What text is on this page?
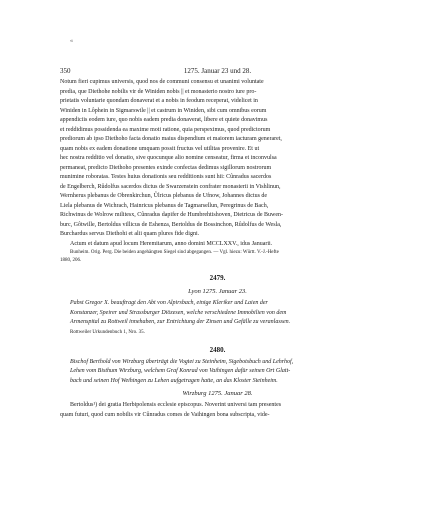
«
350	1275. Januar 23 und 28.

Notum fieri cupimus universis, quod nos de communi consensu et unanimi voluntate

predia, que Diethohe nobilis vir de Winiden nobis || et monasterio nostro iure pro-

prietatis voluntarie quondam donaverat et a nobis in feodum receperat, videlicet in

Winiden in Lôphein in Sigmarswile || et castrum in Winiden, sibi cum omnibus eorum

appendiciis eodem iure, quo nobis eadem predia donaverat, libere et quiete donavimus

et reddidimus possidenda ea maxime moti ratione, quia perspeximus, quod predictorum

prediorum ab ipso Diethoho facta donatio maius dispendium et maiorem iacturam generaret,

quam nobis ex eadem donatione umquam possit fructus vel utilitas provenire. Et ut

hec nostra redditio vel donatio, sive quocunque alio nomine censeatur, firma et inconvulsa

permaneat, predicto Diethoho presentes exinde confectas dedimus sigillorum nostrorum

munimine roboratas. Testes huius donationis seu redditionis sunt hii: Cûnradus sacerdos

de Engelberch, Rûdolfus sacerdos dictus de Swarzenstein confrater monasterii in Vishlinun,

Wernherus plebanus de Obrenkirchun, Ûlricus plebanus de Ufnow, Johannes dictus de

Liela plebanus de Wichrach, Hainricus plebanus de Tagmarsellun, Peregrinus de Bach,

Richwinus de Wolrow militesx, Cûnradus dapifer de Humbrehtishoven, Dietricus de Buwen-

burc, Gôtwille, Bertoldus villicus de Eshenza, Bertoldus de Bossinchon, Rûdolfus de Wesla,

Burchardus servus Diethohi et alii quam plures fide digni.

Actum et datum apud locum Heremitarum, anno domini MCCLXXV., idus Januarii.

Bunheim. Orig. Perg. Die beiden angehängten Siegel sind abgegangen. — Vgl. hiezu: Württ. V.-J.-Hefte

1880, 206.

2479.
Lyon 1275. Januar 23.

Pabst Gregor X. beauftragt den Abt von Alpirsbach, einige Kleriker und Laien der

Konstanzer, Speirer und Strassburger Diözesen, welche verschiedene Immobilien von dem

Armenspital zu Rottweil innehaben, zur Entrichtung der Zinsen und Gefälle zu veranlassen.

Rottweiler Urkundenbuch 1, Nro. 35.
2480.

Bischof Berthold von Wirzburg überträgt die Vogtei zu Steinheim, Sigebotsbuch und Lehrhof,

Lehen vom Bisthum Wirzburg, welchem Graf Konrad von Vaihingen dafür seinen Ort Glatt-

bach und seinen Hof Weihingen zu Lehen aufgetragen hatte, an das Kloster Steinheim.

Wirzburg 1275. Januar 28.

Bertoldus¹) dei gratia Herbipolensis ecclesie episcopus. Noverint universi tam presentes

quam futuri, quod cum nobilis vir Cûnradus comes de Vaihingen bona subscripta, vide-
